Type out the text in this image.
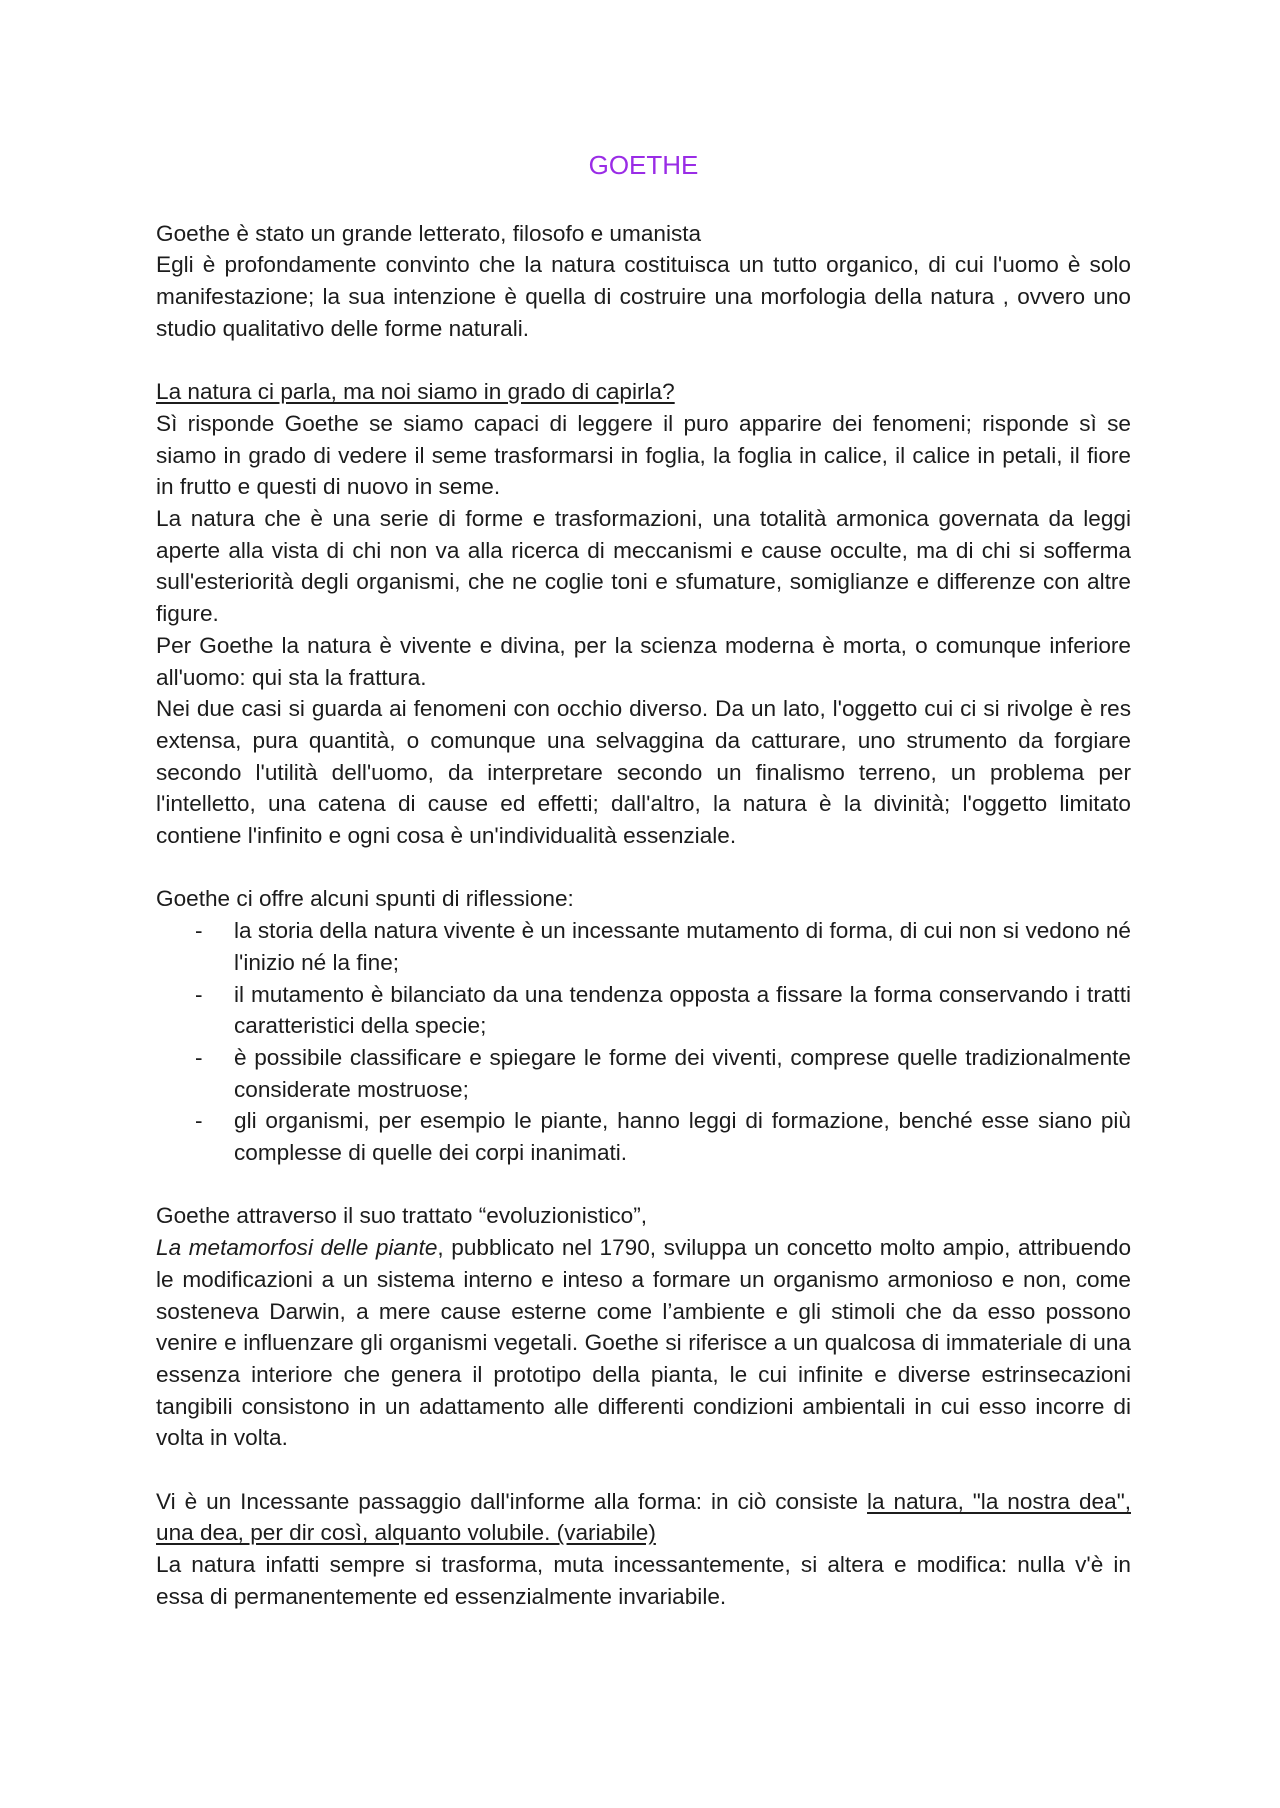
GOETHE

Goethe è stato un grande letterato, filosofo e umanista

Egli è profondamente convinto che la natura costituisca un tutto organico, di cui l'uomo è solo manifestazione; la sua intenzione è quella di costruire una morfologia della natura , ovvero uno studio qualitativo delle forme naturali.

La natura ci parla, ma noi siamo in grado di capirla?

Sì risponde Goethe se siamo capaci di leggere il puro apparire dei fenomeni; risponde sì se siamo in grado di vedere il seme trasformarsi in foglia, la foglia in calice, il calice in petali, il fiore in frutto e questi di nuovo in seme.

La natura che è una serie di forme e trasformazioni, una totalità armonica governata da leggi aperte alla vista di chi non va alla ricerca di meccanismi e cause occulte, ma di chi si sofferma sull'esteriorità degli organismi, che ne coglie toni e sfumature, somiglianze e differenze con altre figure.

Per Goethe la natura è vivente e divina, per la scienza moderna è morta, o comunque inferiore all'uomo: qui sta la frattura.

Nei due casi si guarda ai fenomeni con occhio diverso. Da un lato, l'oggetto cui ci si rivolge è res extensa, pura quantità, o comunque una selvaggina da catturare, uno strumento da forgiare secondo l'utilità dell'uomo, da interpretare secondo un finalismo terreno, un problema per l'intelletto, una catena di cause ed effetti; dall'altro, la natura è la divinità; l'oggetto limitato contiene l'infinito e ogni cosa è un'individualità essenziale.

Goethe ci offre alcuni spunti di riflessione:

- la storia della natura vivente è un incessante mutamento di forma, di cui non si vedono né l'inizio né la fine;
- il mutamento è bilanciato da una tendenza opposta a fissare la forma conservando i tratti caratteristici della specie;
- è possibile classificare e spiegare le forme dei viventi, comprese quelle tradizionalmente considerate mostruose;
- gli organismi, per esempio le piante, hanno leggi di formazione, benché esse siano più complesse di quelle dei corpi inanimati.

Goethe attraverso il suo trattato “evoluzionistico”,

La metamorfosi delle piante, pubblicato nel 1790, sviluppa un concetto molto ampio, attribuendo le modificazioni a un sistema interno e inteso a formare un organismo armonioso e non, come sosteneva Darwin, a mere cause esterne come l’ambiente e gli stimoli che da esso possono venire e influenzare gli organismi vegetali. Goethe si riferisce a un qualcosa di immateriale di una essenza interiore che genera il prototipo della pianta, le cui infinite e diverse estrinsecazioni tangibili consistono in un adattamento alle differenti condizioni ambientali in cui esso incorre di volta in volta.

Vi è un Incessante passaggio dall'informe alla forma: in ciò consiste la natura, "la nostra dea", una dea, per dir così, alquanto volubile. (variabile)

La natura infatti sempre si trasforma, muta incessantemente, si altera e modifica: nulla v'è in essa di permanentemente ed essenzialmente invariabile.
